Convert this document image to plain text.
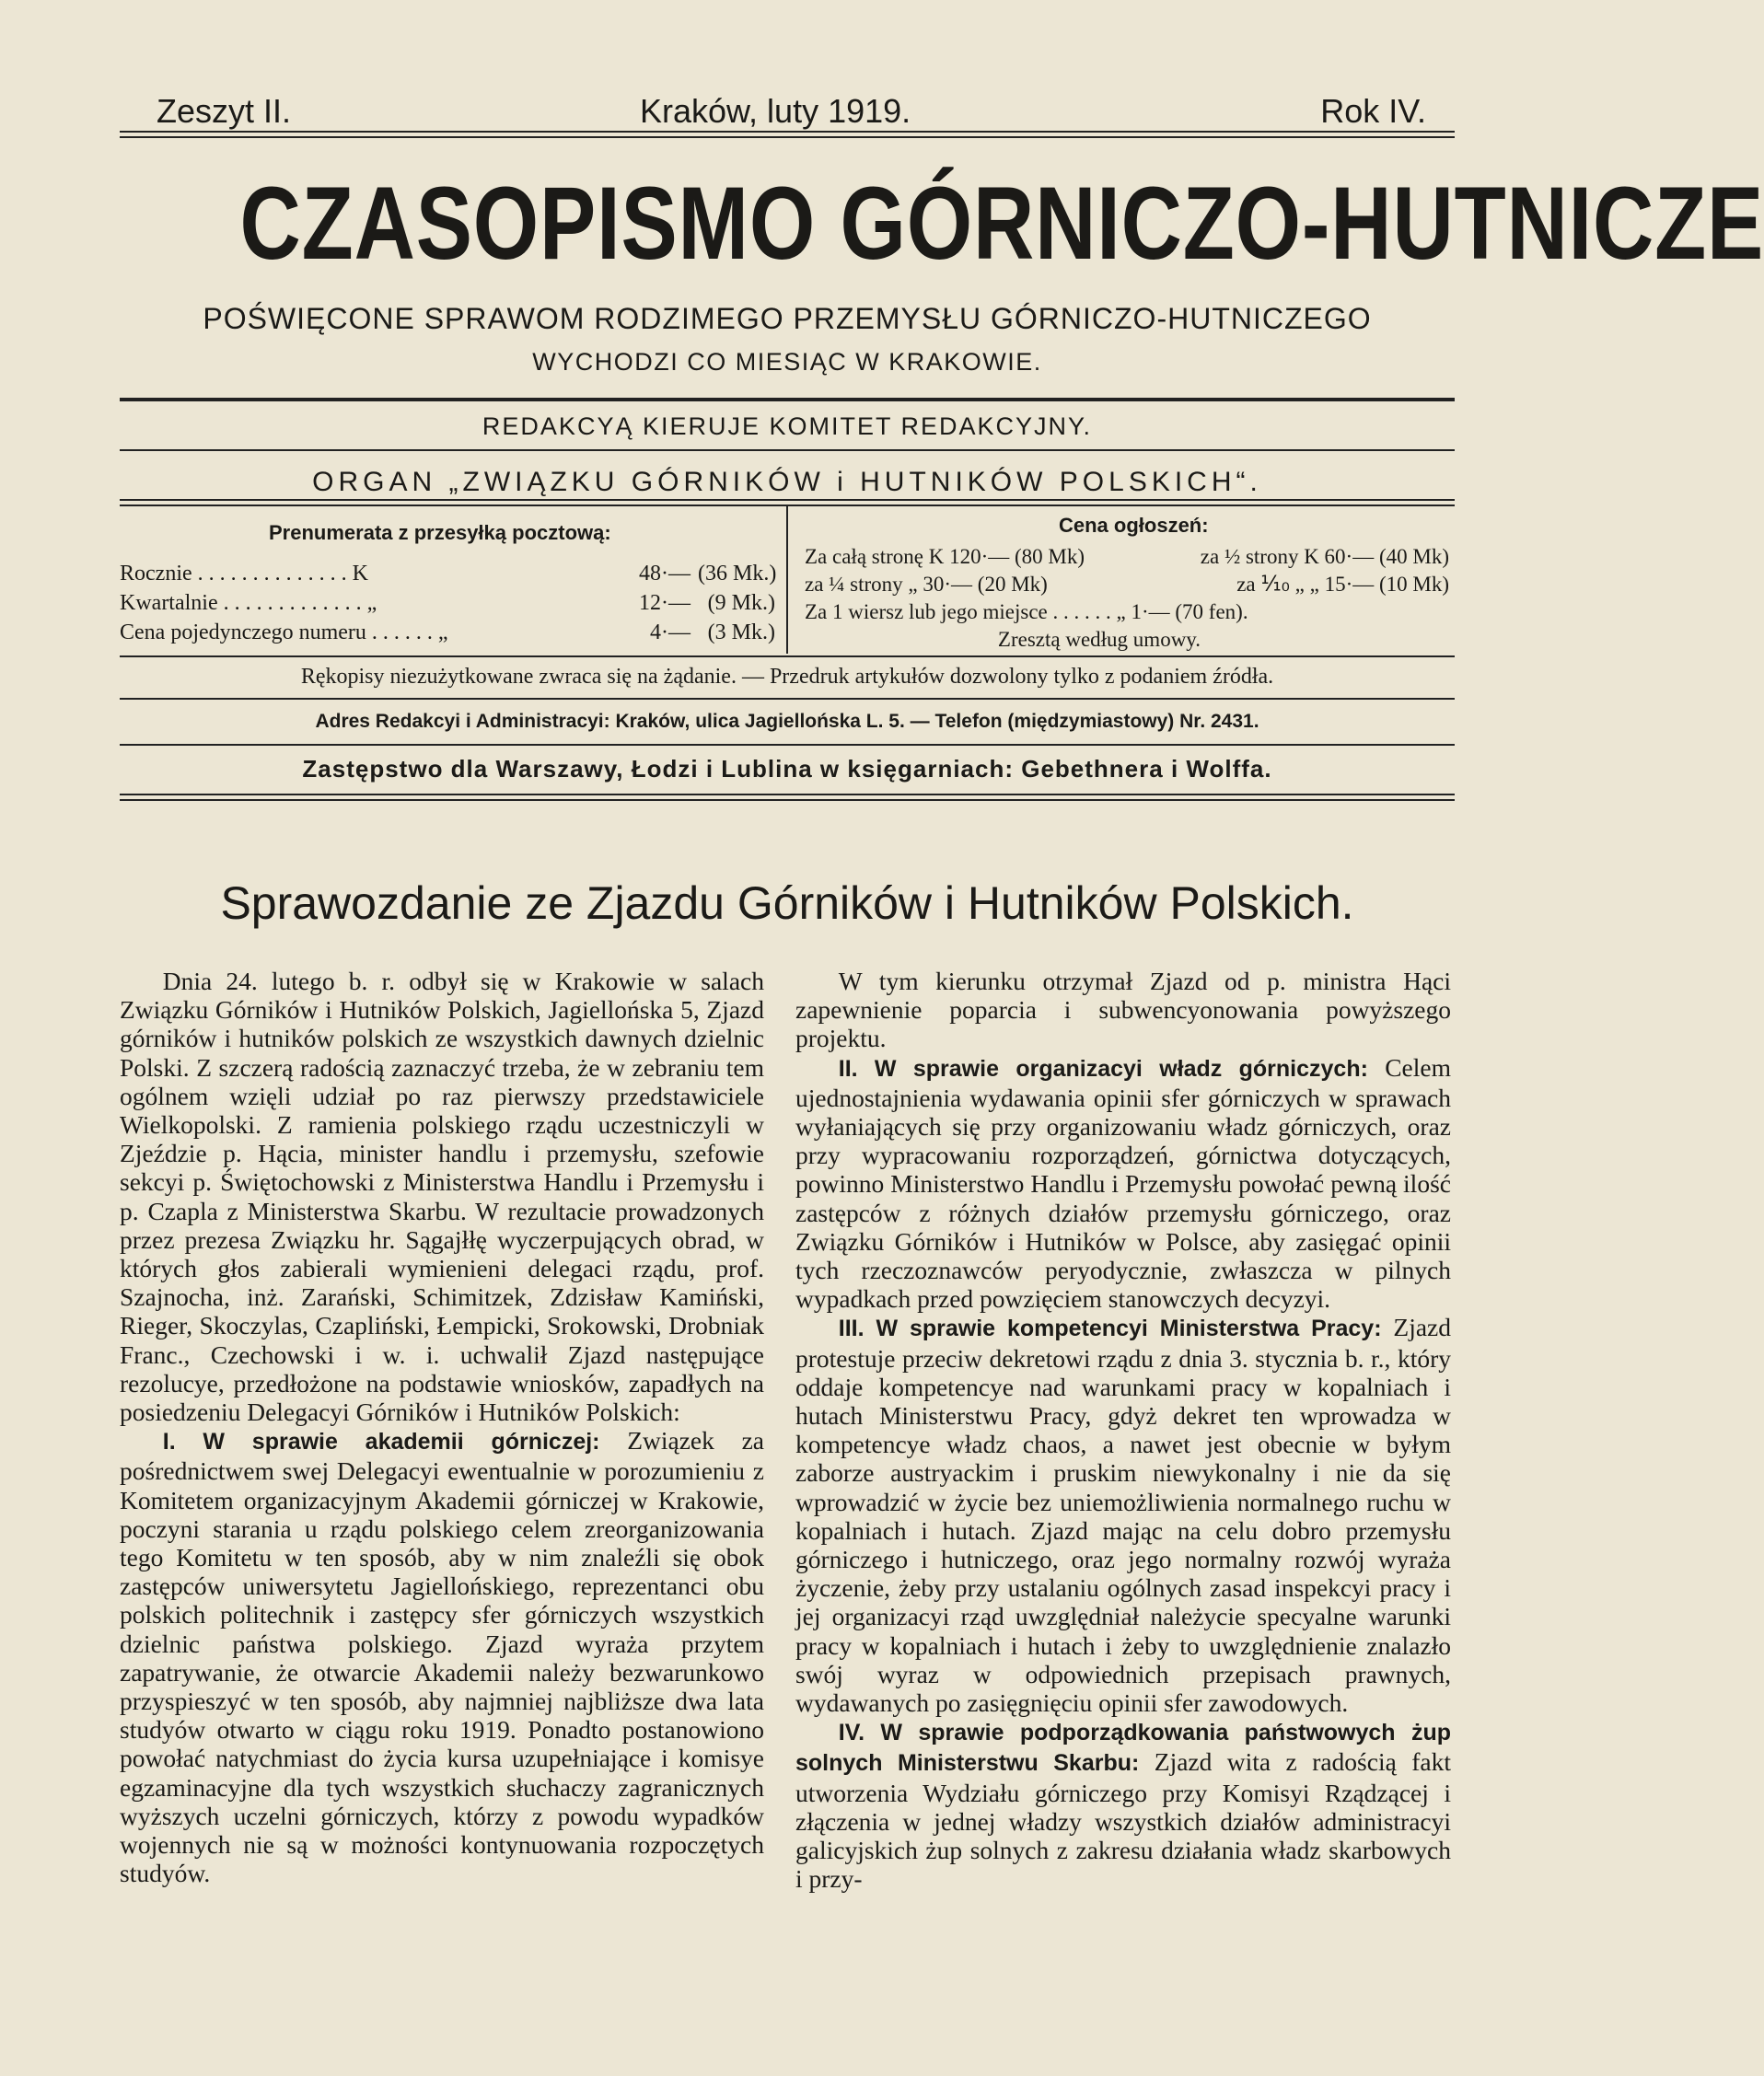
Zeszyt II.	Kraków, luty 1919.	Rok IV.
CZASOPISMO GÓRNICZO-HUTNICZE
POŚWIĘCONE SPRAWOM RODZIMEGO PRZEMYSŁU GÓRNICZO-HUTNICZEGO
WYCHODZI CO MIESIĄC W KRAKOWIE.
REDAKCYĄ KIERUJE KOMITET REDAKCYJNY.
ORGAN „ZWIĄZKU GÓRNIKÓW i HUTNIKÓW POLSKICH“.
Prenumerata z przesyłką pocztową:
Rocznie . . . . . . . . . . . . . . K	48·— (36 Mk.)
Kwartalnie . . . . . . . . . . . . . „	12·— (9 Mk.)
Cena pojedynczego numeru . . . . . . „	4·— (3 Mk.)
Cena ogłoszeń:
Za całą stronę K 120·— (80 Mk)	za ½ strony K 60·— (40 Mk)
za ¼ strony „ 30·— (20 Mk)	za ⅒ „ „ 15·— (10 Mk)
Za 1 wiersz lub jego miejsce . . . . . . „ 1·— (70 fen).
Zresztą według umowy.
Rękopisy niezużytkowane zwraca się na żądanie. — Przedruk artykułów dozwolony tylko z podaniem źródła.
Adres Redakcyi i Administracyi: Kraków, ulica Jagiellońska L. 5. — Telefon (międzymiastowy) Nr. 2431.
Zastępstwo dla Warszawy, Łodzi i Lublina w księgarniach: Gebethnera i Wolffa.
Sprawozdanie ze Zjazdu Górników i Hutników Polskich.

Dnia 24. lutego b. r. odbył się w Krakowie w salach Związku Górników i Hutników Polskich, Jagiellońska 5, Zjazd górników i hutników polskich ze wszystkich dawnych dzielnic Polski. Z szczerą radością zaznaczyć trzeba, że w zebraniu tem ogólnem wzięli udział po raz pierwszy przedstawiciele Wielkopolski. Z ramienia polskiego rządu uczestniczyli w Zjeździe p. Hącia, minister handlu i przemysłu, szefowie sekcyi p. Świętochowski z Ministerstwa Handlu i Przemysłu i p. Czapla z Ministerstwa Skarbu. W rezultacie prowadzonych przez prezesa Związku hr. Sągajłłę wyczerpujących obrad, w których głos zabierali wymienieni delegaci rządu, prof. Szajnocha, inż. Zarański, Schimitzek, Zdzisław Kamiński, Rieger, Skoczylas, Czapliński, Łempicki, Srokowski, Drobniak Franc., Czechowski i w. i. uchwalił Zjazd następujące rezolucye, przedłożone na podstawie wniosków, zapadłych na posiedzeniu Delegacyi Górników i Hutników Polskich:

I. W sprawie akademii górniczej: Związek za pośrednictwem swej Delegacyi ewentualnie w porozumieniu z Komitetem organizacyjnym Akademii górniczej w Krakowie, poczyni starania u rządu polskiego celem zreorganizowania tego Komitetu w ten sposób, aby w nim znaleźli się obok zastępców uniwersytetu Jagiellońskiego, reprezentanci obu polskich politechnik i zastępcy sfer górniczych wszystkich dzielnic państwa polskiego. Zjazd wyraża przytem zapatrywanie, że otwarcie Akademii należy bezwarunkowo przyspieszyć w ten sposób, aby najmniej najbliższe dwa lata studyów otwarto w ciągu roku 1919. Ponadto postanowiono powołać natychmiast do życia kursa uzupełniające i komisye egzaminacyjne dla tych wszystkich słuchaczy zagranicznych wyższych uczelni górniczych, którzy z powodu wypadków wojennych nie są w możności kontynuowania rozpoczętych studyów.

W tym kierunku otrzymał Zjazd od p. ministra Hąci zapewnienie poparcia i subwencyonowania powyższego projektu.

II. W sprawie organizacyi władz górniczych: Celem ujednostajnienia wydawania opinii sfer górniczych w sprawach wyłaniających się przy organizowaniu władz górniczych, oraz przy wypracowaniu rozporządzeń, górnictwa dotyczących, powinno Ministerstwo Handlu i Przemysłu powołać pewną ilość zastępców z różnych działów przemysłu górniczego, oraz Związku Górników i Hutników w Polsce, aby zasięgać opinii tych rzeczoznawców peryodycznie, zwłaszcza w pilnych wypadkach przed powzięciem stanowczych decyzyi.

III. W sprawie kompetencyi Ministerstwa Pracy: Zjazd protestuje przeciw dekretowi rządu z dnia 3. stycznia b. r., który oddaje kompetencye nad warunkami pracy w kopalniach i hutach Ministerstwu Pracy, gdyż dekret ten wprowadza w kompetencye władz chaos, a nawet jest obecnie w byłym zaborze austryackim i pruskim niewykonalny i nie da się wprowadzić w życie bez uniemożliwienia normalnego ruchu w kopalniach i hutach. Zjazd mając na celu dobro przemysłu górniczego i hutniczego, oraz jego normalny rozwój wyraża życzenie, żeby przy ustalaniu ogólnych zasad inspekcyi pracy i jej organizacyi rząd uwzględniał należycie specyalne warunki pracy w kopalniach i hutach i żeby to uwzględnienie znalazło swój wyraz w odpowiednich przepisach prawnych, wydawanych po zasięgnięciu opinii sfer zawodowych.

IV. W sprawie podporządkowania państwowych żup solnych Ministerstwu Skarbu: Zjazd wita z radością fakt utworzenia Wydziału górniczego przy Komisyi Rządzącej i złączenia w jednej władzy wszystkich działów administracyi galicyjskich żup solnych z zakresu działania władz skarbowych i przy-
